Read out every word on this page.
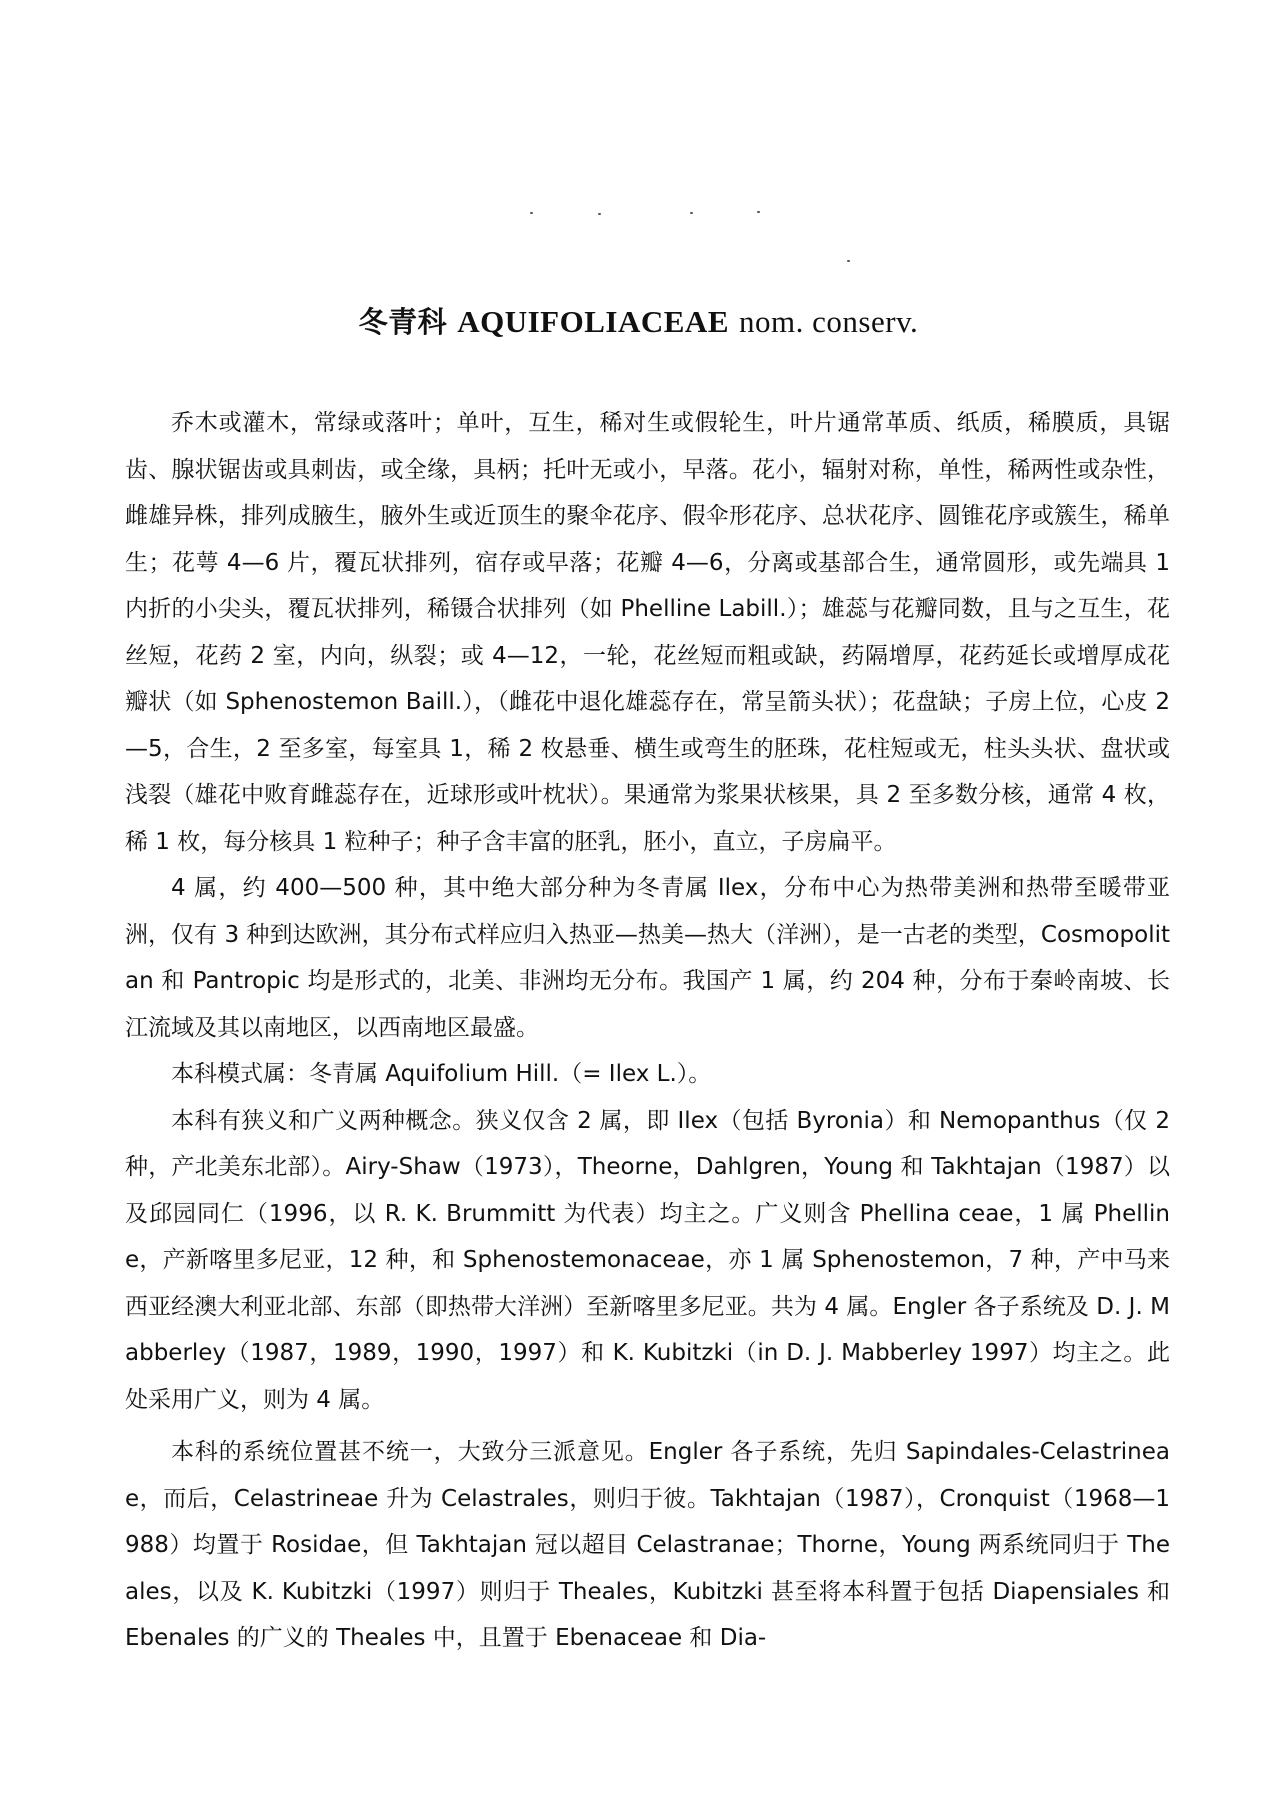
冬青科 AQUIFOLIACEAE nom. conserv.

乔木或灌木，常绿或落叶；单叶，互生，稀对生或假轮生，叶片通常革质、纸质，稀膜质，具锯齿、腺状锯齿或具刺齿，或全缘，具柄；托叶无或小，早落。花小，辐射对称，单性，稀两性或杂性，雌雄异株，排列成腋生，腋外生或近顶生的聚伞花序、假伞形花序、总状花序、圆锥花序或簇生，稀单生；花萼 4—6 片，覆瓦状排列，宿存或早落；花瓣 4—6，分离或基部合生，通常圆形，或先端具 1 内折的小尖头，覆瓦状排列，稀镊合状排列（如 Phelline Labill.）；雄蕊与花瓣同数，且与之互生，花丝短，花药 2 室，内向，纵裂；或 4—12，一轮，花丝短而粗或缺，药隔增厚，花药延长或增厚成花瓣状（如 Sphenostemon Baill.），（雌花中退化雄蕊存在，常呈箭头状）；花盘缺；子房上位，心皮 2—5，合生，2 至多室，每室具 1，稀 2 枚悬垂、横生或弯生的胚珠，花柱短或无，柱头头状、盘状或浅裂（雄花中败育雌蕊存在，近球形或叶枕状）。果通常为浆果状核果，具 2 至多数分核，通常 4 枚，稀 1 枚，每分核具 1 粒种子；种子含丰富的胚乳，胚小，直立，子房扁平。

4 属，约 400—500 种，其中绝大部分种为冬青属 Ilex，分布中心为热带美洲和热带至暖带亚洲，仅有 3 种到达欧洲，其分布式样应归入热亚—热美—热大（洋洲），是一古老的类型，Cosmopolitan 和 Pantropic 均是形式的，北美、非洲均无分布。我国产 1 属，约 204 种，分布于秦岭南坡、长江流域及其以南地区，以西南地区最盛。

本科模式属：冬青属 Aquifolium Hill.（= Ilex L.）。

本科有狭义和广义两种概念。狭义仅含 2 属，即 Ilex（包括 Byronia）和 Nemopanthus（仅 2 种，产北美东北部）。Airy-Shaw（1973），Theorne，Dahlgren，Young 和 Takhtajan（1987）以及邱园同仁（1996，以 R. K. Brummitt 为代表）均主之。广义则含 Phellina ceae，1 属 Phelline，产新喀里多尼亚，12 种，和 Sphenostemonaceae，亦 1 属 Sphenostemon，7 种，产中马来西亚经澳大利亚北部、东部（即热带大洋洲）至新喀里多尼亚。共为 4 属。Engler 各子系统及 D. J. Mabberley（1987，1989，1990，1997）和 K. Kubitzki（in D. J. Mabberley 1997）均主之。此处采用广义，则为 4 属。

本科的系统位置甚不统一，大致分三派意见。Engler 各子系统，先归 Sapindales-Celastrineae，而后，Celastrineae 升为 Celastrales，则归于彼。Takhtajan（1987），Cronquist（1968—1988）均置于 Rosidae，但 Takhtajan 冠以超目 Celastranae；Thorne，Young 两系统同归于 Theales，以及 K. Kubitzki（1997）则归于 Theales，Kubitzki 甚至将本科置于包括 Diapensiales 和 Ebenales 的广义的 Theales 中，且置于 Ebenaceae 和 Dia-
